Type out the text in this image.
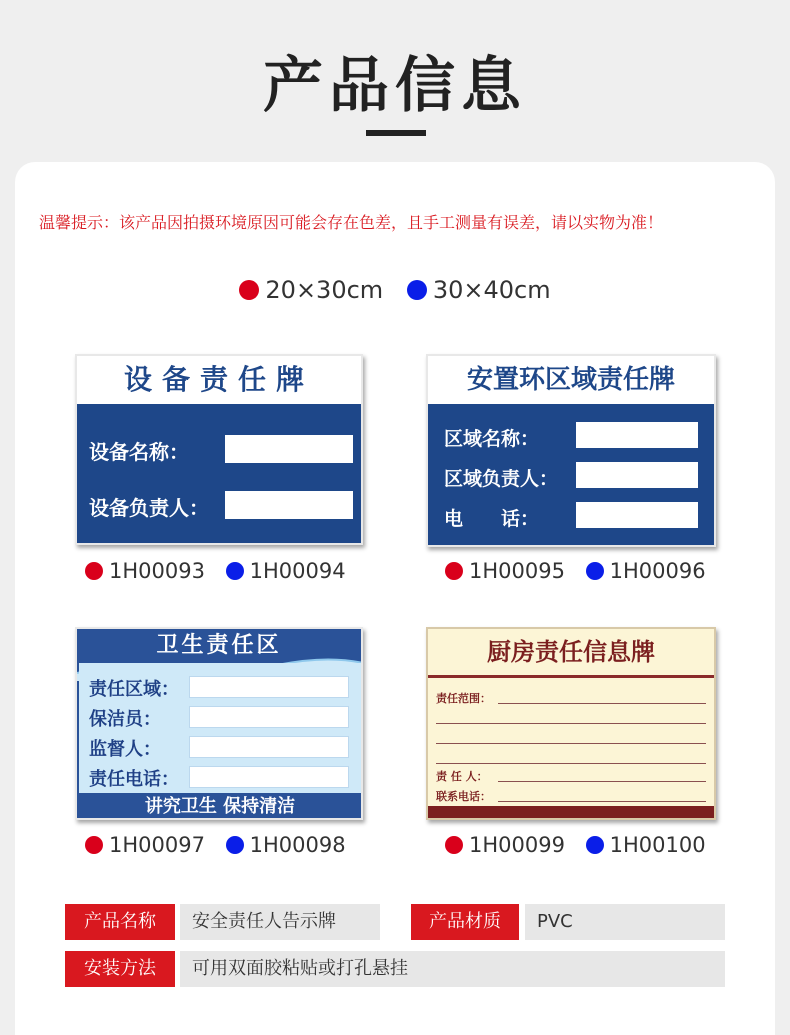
产品信息
温馨提示：该产品因拍摄环境原因可能会存在色差，且手工测量有误差，请以实物为准！
20×30cm 30×40cm
设备责任牌
设备名称：
设备负责人：
1H00093 1H00094
安置环区域责任牌
区域名称：
区域负责人：
电　　话：
1H00095 1H00096
卫生责任区
责任区域：
保洁员：
监督人：
责任电话：
讲究卫生 保持清洁
1H00097 1H00098
厨房责任信息牌
责任范围：
责 任 人：
联系电话：
1H00099 1H00100
产品名称	安全责任人告示牌	产品材质	PVC
安装方法	可用双面胶粘贴或打孔悬挂
